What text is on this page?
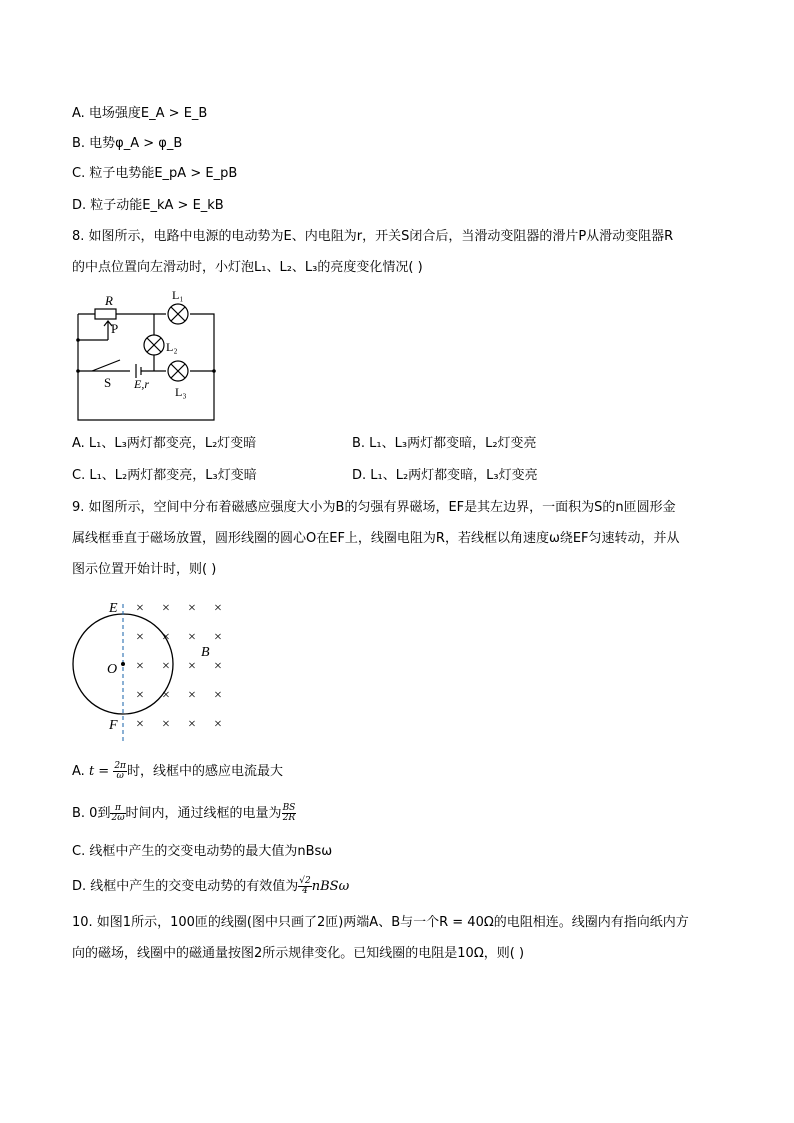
A. 电场强度E_A > E_B
B. 电势φ_A > φ_B
C. 粒子电势能E_pA > E_pB
D. 粒子动能E_kA > E_kB
8. 如图所示，电路中电源的电动势为E、内电阻为r，开关S闭合后，当滑动变阻器的滑片P从滑动变阻器R
的中点位置向左滑动时，小灯泡L₁、L₂、L₃的亮度变化情况( )
R
P
S E,r
L₁
L₂
L₃
A. L₁、L₃两灯都变亮，L₂灯变暗	B. L₁、L₃两灯都变暗，L₂灯变亮
C. L₁、L₂两灯都变亮，L₃灯变暗	D. L₁、L₂两灯都变暗，L₃灯变亮
9. 如图所示，空间中分布着磁感应强度大小为B的匀强有界磁场，EF是其左边界，一面积为S的n匝圆形金
属线框垂直于磁场放置，圆形线圈的圆心O在EF上，线圈电阻为R，若线框以角速度ω绕EF匀速转动，并从
图示位置开始计时，则( )
E
F
O
B
× × × ×
× × × ×
× × × ×
× × × ×
× × × ×
A. $t = \frac{2\pi}{\omega}$ 时，线框中的感应电流最大
B. 0到 $\frac{\pi}{2\omega}$ 时间内，通过线框的电量为 $\frac{BS}{2R}$
C. 线框中产生的交变电动势的最大值为nBsω
D. 线框中产生的交变电动势的有效值为 $\frac{√2}{4}$ nBSω
10. 如图1所示，100匝的线圈(图中只画了2匝)两端A、B与一个R = 40Ω的电阻相连。线圈内有指向纸内方
向的磁场，线圈中的磁通量按图2所示规律变化。已知线圈的电阻是10Ω，则( )
